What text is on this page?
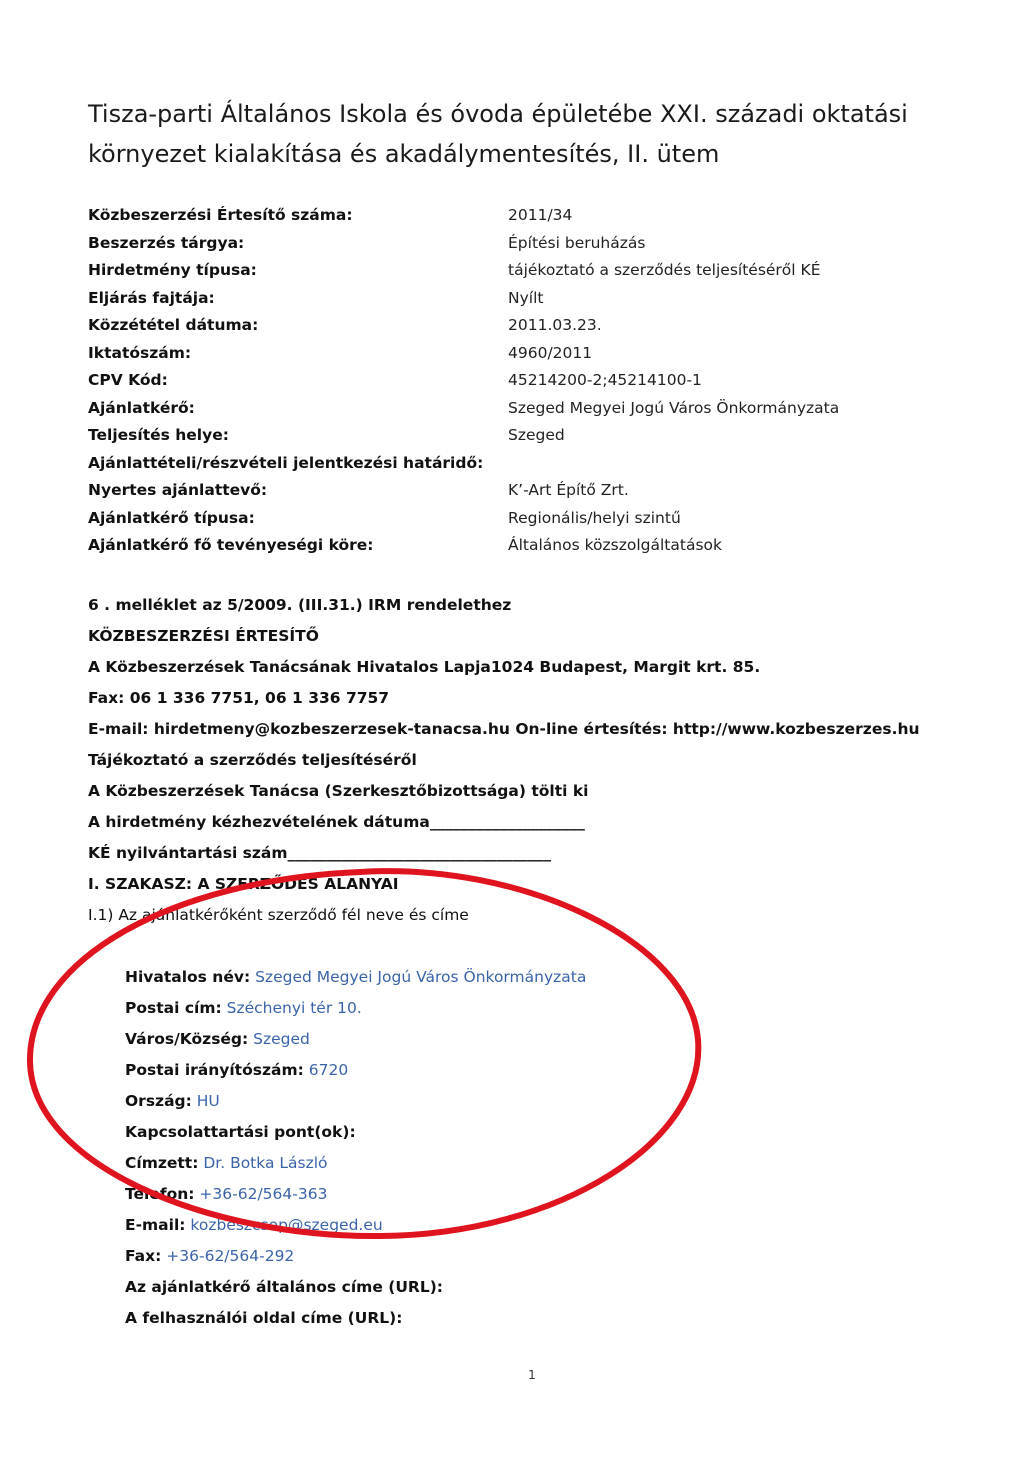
Tisza-parti Általános Iskola és óvoda épületébe XXI. századi oktatási környezet kialakítása és akadálymentesítés, II. ütem
Közbeszerzési Értesítő száma:	2011/34
Beszerzés tárgya:	Építési beruházás
Hirdetmény típusa:	tájékoztató a szerződés teljesítéséről KÉ
Eljárás fajtája:	Nyílt
Közzététel dátuma:	2011.03.23.
Iktatószám:	4960/2011
CPV Kód:	45214200-2;45214100-1
Ajánlatkérő:	Szeged Megyei Jogú Város Önkormányzata
Teljesítés helye:	Szeged
Ajánlattételi/részvételi jelentkezési határidő:
Nyertes ajánlattevő:	K’-Art Építő Zrt.
Ajánlatkérő típusa:	Regionális/helyi szintű
Ajánlatkérő fő tevényeségi köre:	Általános közszolgáltatások
6 . melléklet az 5/2009. (III.31.) IRM rendelethez
KÖZBESZERZÉSI ÉRTESÍTŐ
A Közbeszerzések Tanácsának Hivatalos Lapja1024 Budapest, Margit krt. 85.
Fax: 06 1 336 7751, 06 1 336 7757
E-mail: hirdetmeny@kozbeszerzesek-tanacsa.hu On-line értesítés: http://www.kozbeszerzes.hu
Tájékoztató a szerződés teljesítéséről
A Közbeszerzések Tanácsa (Szerkesztőbizottsága) tölti ki
A hirdetmény kézhezvételének dátuma____________________
KÉ nyilvántartási szám__________________________________
I. SZAKASZ: A SZERZŐDÉS ALANYAI
I.1) Az ajánlatkérőként szerződő fél neve és címe
Hivatalos név: Szeged Megyei Jogú Város Önkormányzata
Postai cím: Széchenyi tér 10.
Város/Község: Szeged
Postai irányítószám: 6720
Ország: HU
Kapcsolattartási pont(ok):
Címzett: Dr. Botka László
Telefon: +36-62/564-363
E-mail: kozbeszcsop@szeged.eu
Fax: +36-62/564-292
Az ajánlatkérő általános címe (URL):
A felhasználói oldal címe (URL):
1
